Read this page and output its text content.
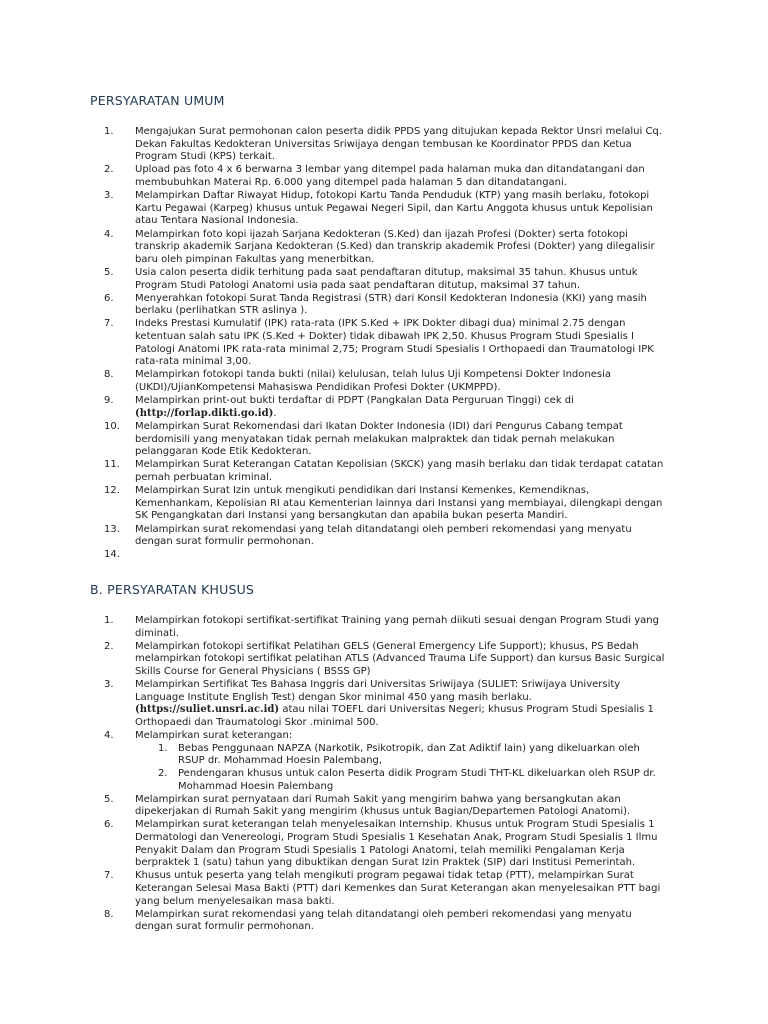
PERSYARATAN UMUM
1.	Mengajukan Surat permohonan calon peserta didik PPDS yang ditujukan kepada Rektor Unsri melalui Cq. Dekan Fakultas Kedokteran Universitas Sriwijaya dengan tembusan ke Koordinator PPDS dan Ketua Program Studi (KPS) terkait.
2.	Upload pas foto 4 x 6 berwarna 3 lembar yang ditempel pada halaman muka dan ditandatangani dan membubuhkan Materai Rp. 6.000 yang ditempel pada halaman 5 dan ditandatangani.
3.	Melampirkan Daftar Riwayat Hidup, fotokopi Kartu Tanda Penduduk (KTP) yang masih berlaku, fotokopi Kartu Pegawai (Karpeg) khusus untuk Pegawai Negeri Sipil, dan Kartu Anggota khusus untuk Kepolisian atau Tentara Nasional Indonesia.
4.	Melampirkan foto kopi ijazah Sarjana Kedokteran (S.Ked) dan ijazah Profesi (Dokter) serta fotokopi transkrip akademik Sarjana Kedokteran (S.Ked) dan transkrip akademik Profesi (Dokter) yang dilegalisir baru oleh pimpinan Fakultas yang menerbitkan.
5.	Usia calon peserta didik terhitung pada saat pendaftaran ditutup, maksimal 35 tahun. Khusus untuk Program Studi Patologi Anatomi usia pada saat pendaftaran ditutup, maksimal 37 tahun.
6.	Menyerahkan fotokopi Surat Tanda Registrasi (STR) dari Konsil Kedokteran Indonesia (KKI) yang masih berlaku (perlihatkan STR aslinya ).
7.	Indeks Prestasi Kumulatif (IPK) rata-rata (IPK S.Ked + IPK Dokter dibagi dua) minimal 2.75 dengan ketentuan salah satu IPK (S.Ked + Dokter) tidak dibawah IPK 2,50. Khusus Program Studi Spesialis I Patologi Anatomi IPK rata-rata minimal 2,75; Program Studi Spesialis I Orthopaedi dan Traumatologi IPK rata-rata minimal 3,00.
8.	Melampirkan fotokopi tanda bukti (nilai) kelulusan, telah lulus Uji Kompetensi Dokter Indonesia (UKDI)/UjianKompetensi Mahasiswa Pendidikan Profesi Dokter (UKMPPD).
9.	Melampirkan print-out bukti terdaftar di PDPT (Pangkalan Data Perguruan Tinggi) cek di (http://forlap.dikti.go.id).
10.	Melampirkan Surat Rekomendasi dari Ikatan Dokter Indonesia (IDI) dari Pengurus Cabang tempat berdomisili yang menyatakan tidak pernah melakukan malpraktek dan tidak pernah melakukan pelanggaran Kode Etik Kedokteran.
11.	Melampirkan Surat Keterangan Catatan Kepolisian (SKCK) yang masih berlaku dan tidak terdapat catatan pernah perbuatan kriminal.
12.	Melampirkan Surat Izin untuk mengikuti pendidikan dari Instansi Kemenkes, Kemendiknas, Kemenhankam, Kepolisian RI atau Kementerian lainnya dari Instansi yang membiayai, dilengkapi dengan SK Pengangkatan dari Instansi yang bersangkutan dan apabila bukan peserta Mandiri.
13.	Melampirkan surat rekomendasi yang telah ditandatangi oleh pemberi rekomendasi yang menyatu dengan surat formulir permohonan.
14.
B. PERSYARATAN KHUSUS
1.	Melampirkan fotokopi sertifikat-sertifikat Training yang pernah diikuti sesuai dengan Program Studi yang diminati.
2.	Melampirkan fotokopi sertifikat Pelatihan GELS (General Emergency Life Support); khusus, PS Bedah melampirkan fotokopi sertifikat pelatihan ATLS (Advanced Trauma Life Support) dan kursus Basic Surgical Skills Course for General Physicians ( BSSS GP)
3.	Melampirkan Sertifikat Tes Bahasa Inggris dari Universitas Sriwijaya (SULIET: Sriwijaya University Language Institute English Test) dengan Skor minimal 450 yang masih berlaku. (https://suliet.unsri.ac.id) atau nilai TOEFL dari Universitas Negeri; khusus Program Studi Spesialis 1 Orthopaedi dan Traumatologi Skor .minimal 500.
4.	Melampirkan surat keterangan:
1.	Bebas Penggunaan NAPZA (Narkotik, Psikotropik, dan Zat Adiktif lain) yang dikeluarkan oleh RSUP dr. Mohammad Hoesin Palembang,
2.	Pendengaran khusus untuk calon Peserta didik Program Studi THT-KL dikeluarkan oleh RSUP dr. Mohammad Hoesin Palembang
5.	Melampirkan surat pernyataan dari Rumah Sakit yang mengirim bahwa yang bersangkutan akan dipekerjakan di Rumah Sakit yang mengirim (khusus untuk Bagian/Departemen Patologi Anatomi).
6.	Melampirkan surat keterangan telah menyelesaikan Internship. Khusus untuk Program Studi Spesialis 1 Dermatologi dan Venereologi, Program Studi Spesialis 1 Kesehatan Anak, Program Studi Spesialis 1 Ilmu Penyakit Dalam dan Program Studi Spesialis 1 Patologi Anatomi, telah memiliki Pengalaman Kerja berpraktek 1 (satu) tahun yang dibuktikan dengan Surat Izin Praktek (SIP) dari Institusi Pemerintah.
7.	Khusus untuk peserta yang telah mengikuti program pegawai tidak tetap (PTT), melampirkan Surat Keterangan Selesai Masa Bakti (PTT) dari Kemenkes dan Surat Keterangan akan menyelesaikan PTT bagi yang belum menyelesaikan masa bakti.
8.	Melampirkan surat rekomendasi yang telah ditandatangi oleh pemberi rekomendasi yang menyatu dengan surat formulir permohonan.
